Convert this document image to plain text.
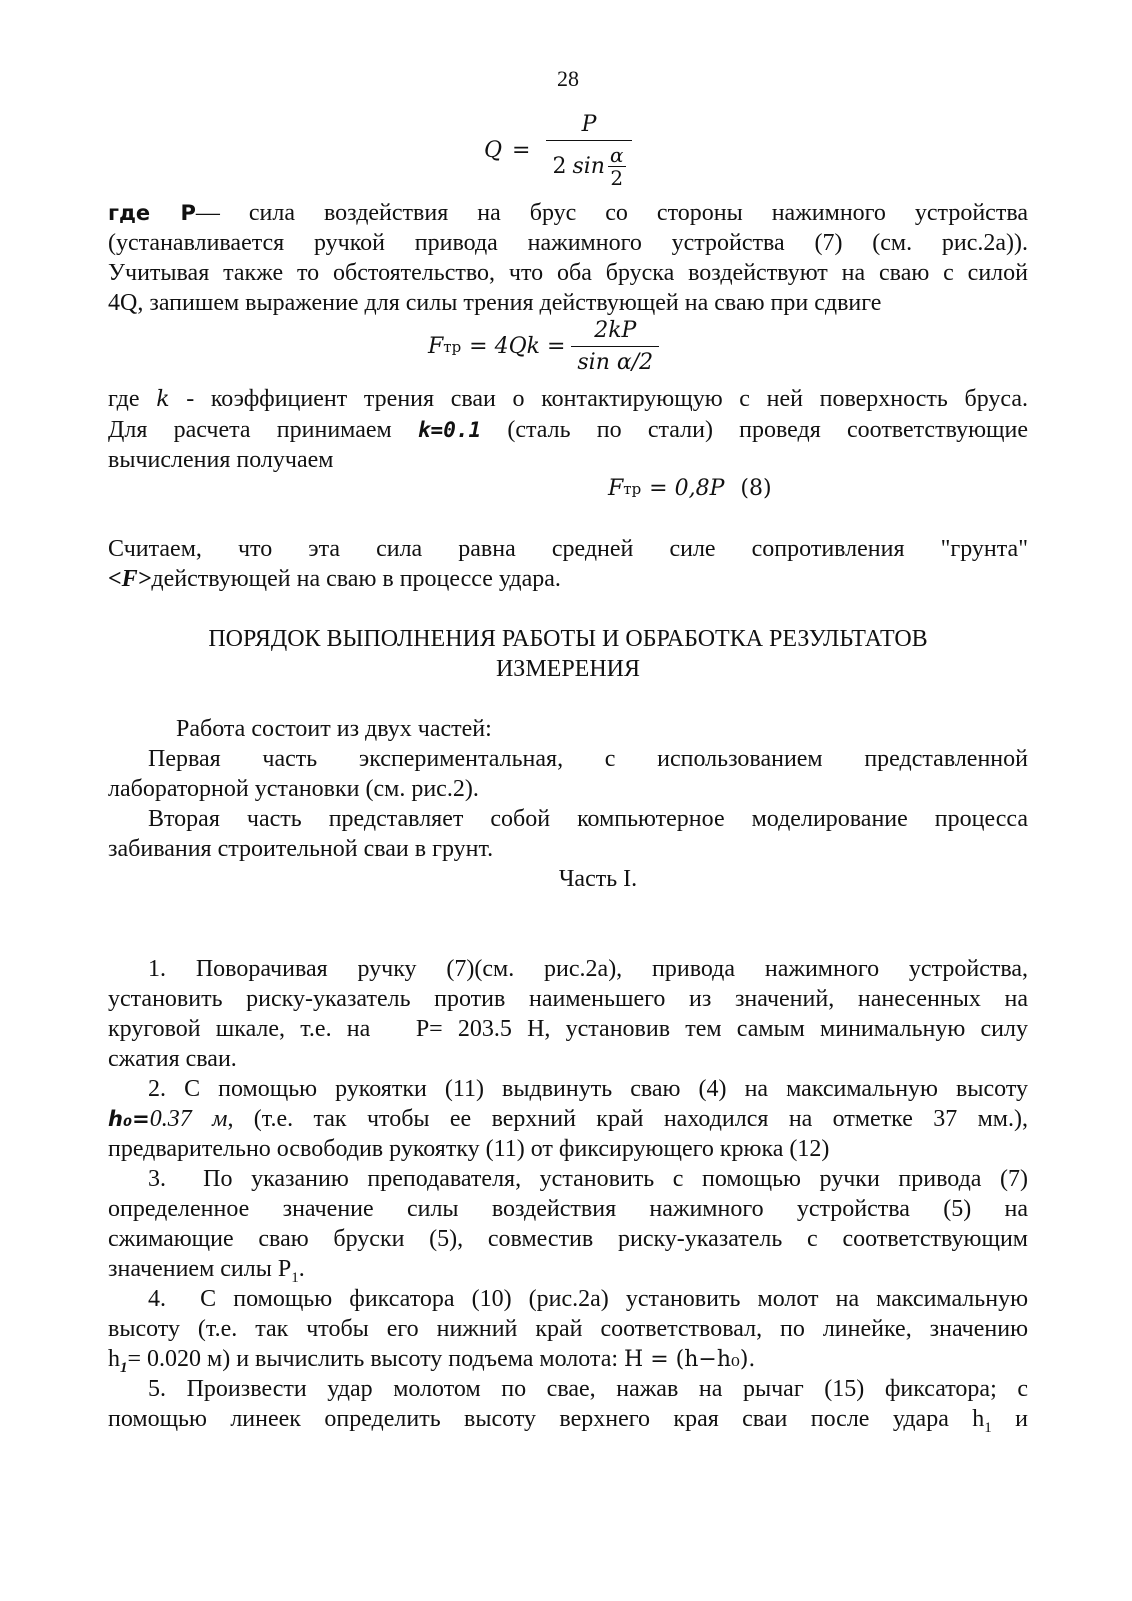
28
$Q = \frac{P}{2 \sin \frac{\alpha}{2}}$
где P— сила воздействия на брус со стороны нажимного устройства
(устанавливается ручкой привода нажимного устройства (7) (см. рис.2а)).
Учитывая также то обстоятельство, что оба бруска воздействуют на сваю с силой
4Q, запишем выражение для силы трения действующей на сваю при сдвиге
F тр = $4Qk = \frac{2kP}{\text{sin α/2}}$
где k - коэффициент трения сваи о контактирующую с ней поверхность бруса.
Для расчета принимаем k=0.1 (сталь по стали) проведя соответствующие
вычисления получаем
F тр = 0,8P (8)
Считаем, что эта сила равна средней силе сопротивления "грунта"
<F>действующей на сваю в процессе удара.
ПОРЯДОК ВЫПОЛНЕНИЯ РАБОТЫ И ОБРАБОТКА РЕЗУЛЬТАТОВ
ИЗМЕРЕНИЯ
Работа состоит из двух частей:
Первая часть экспериментальная, с использованием представленной
лабораторной установки (см. рис.2).
Вторая часть представляет собой компьютерное моделирование процесса
забивания строительной сваи в грунт.
Часть I.
1. Поворачивая ручку (7)(см. рис.2а), привода нажимного устройства,
установить риску-указатель против наименьшего из значений, нанесенных на
круговой шкале, т.е. на   P= 203.5 Н, установив тем самым минимальную силу
сжатия сваи.
2. С помощью рукоятки (11) выдвинуть сваю (4) на максимальную высоту
h₀=0.37 м, (т.е. так чтобы ее верхний край находился на отметке 37 мм.),
предварительно освободив рукоятку (11) от фиксирующего крюка (12)
3.  По указанию преподавателя, установить с помощью ручки привода (7)
определенное значение силы воздействия нажимного устройства (5) на
сжимающие сваю бруски (5), совместив риску-указатель с соответствующим
значением силы $P_1$.
4.  С помощью фиксатора (10) (рис.2а) установить молот на максимальную
высоту (т.е. так чтобы его нижний край соответствовал, по линейке, значению
$h_1= 0.020$ м) и вычислить высоту подъема молота: H = (h−h₀).
5. Произвести удар молотом по свае, нажав на рычаг (15) фиксатора; с
помощью линеек определить высоту верхнего края сваи после удара $h_1$ и
